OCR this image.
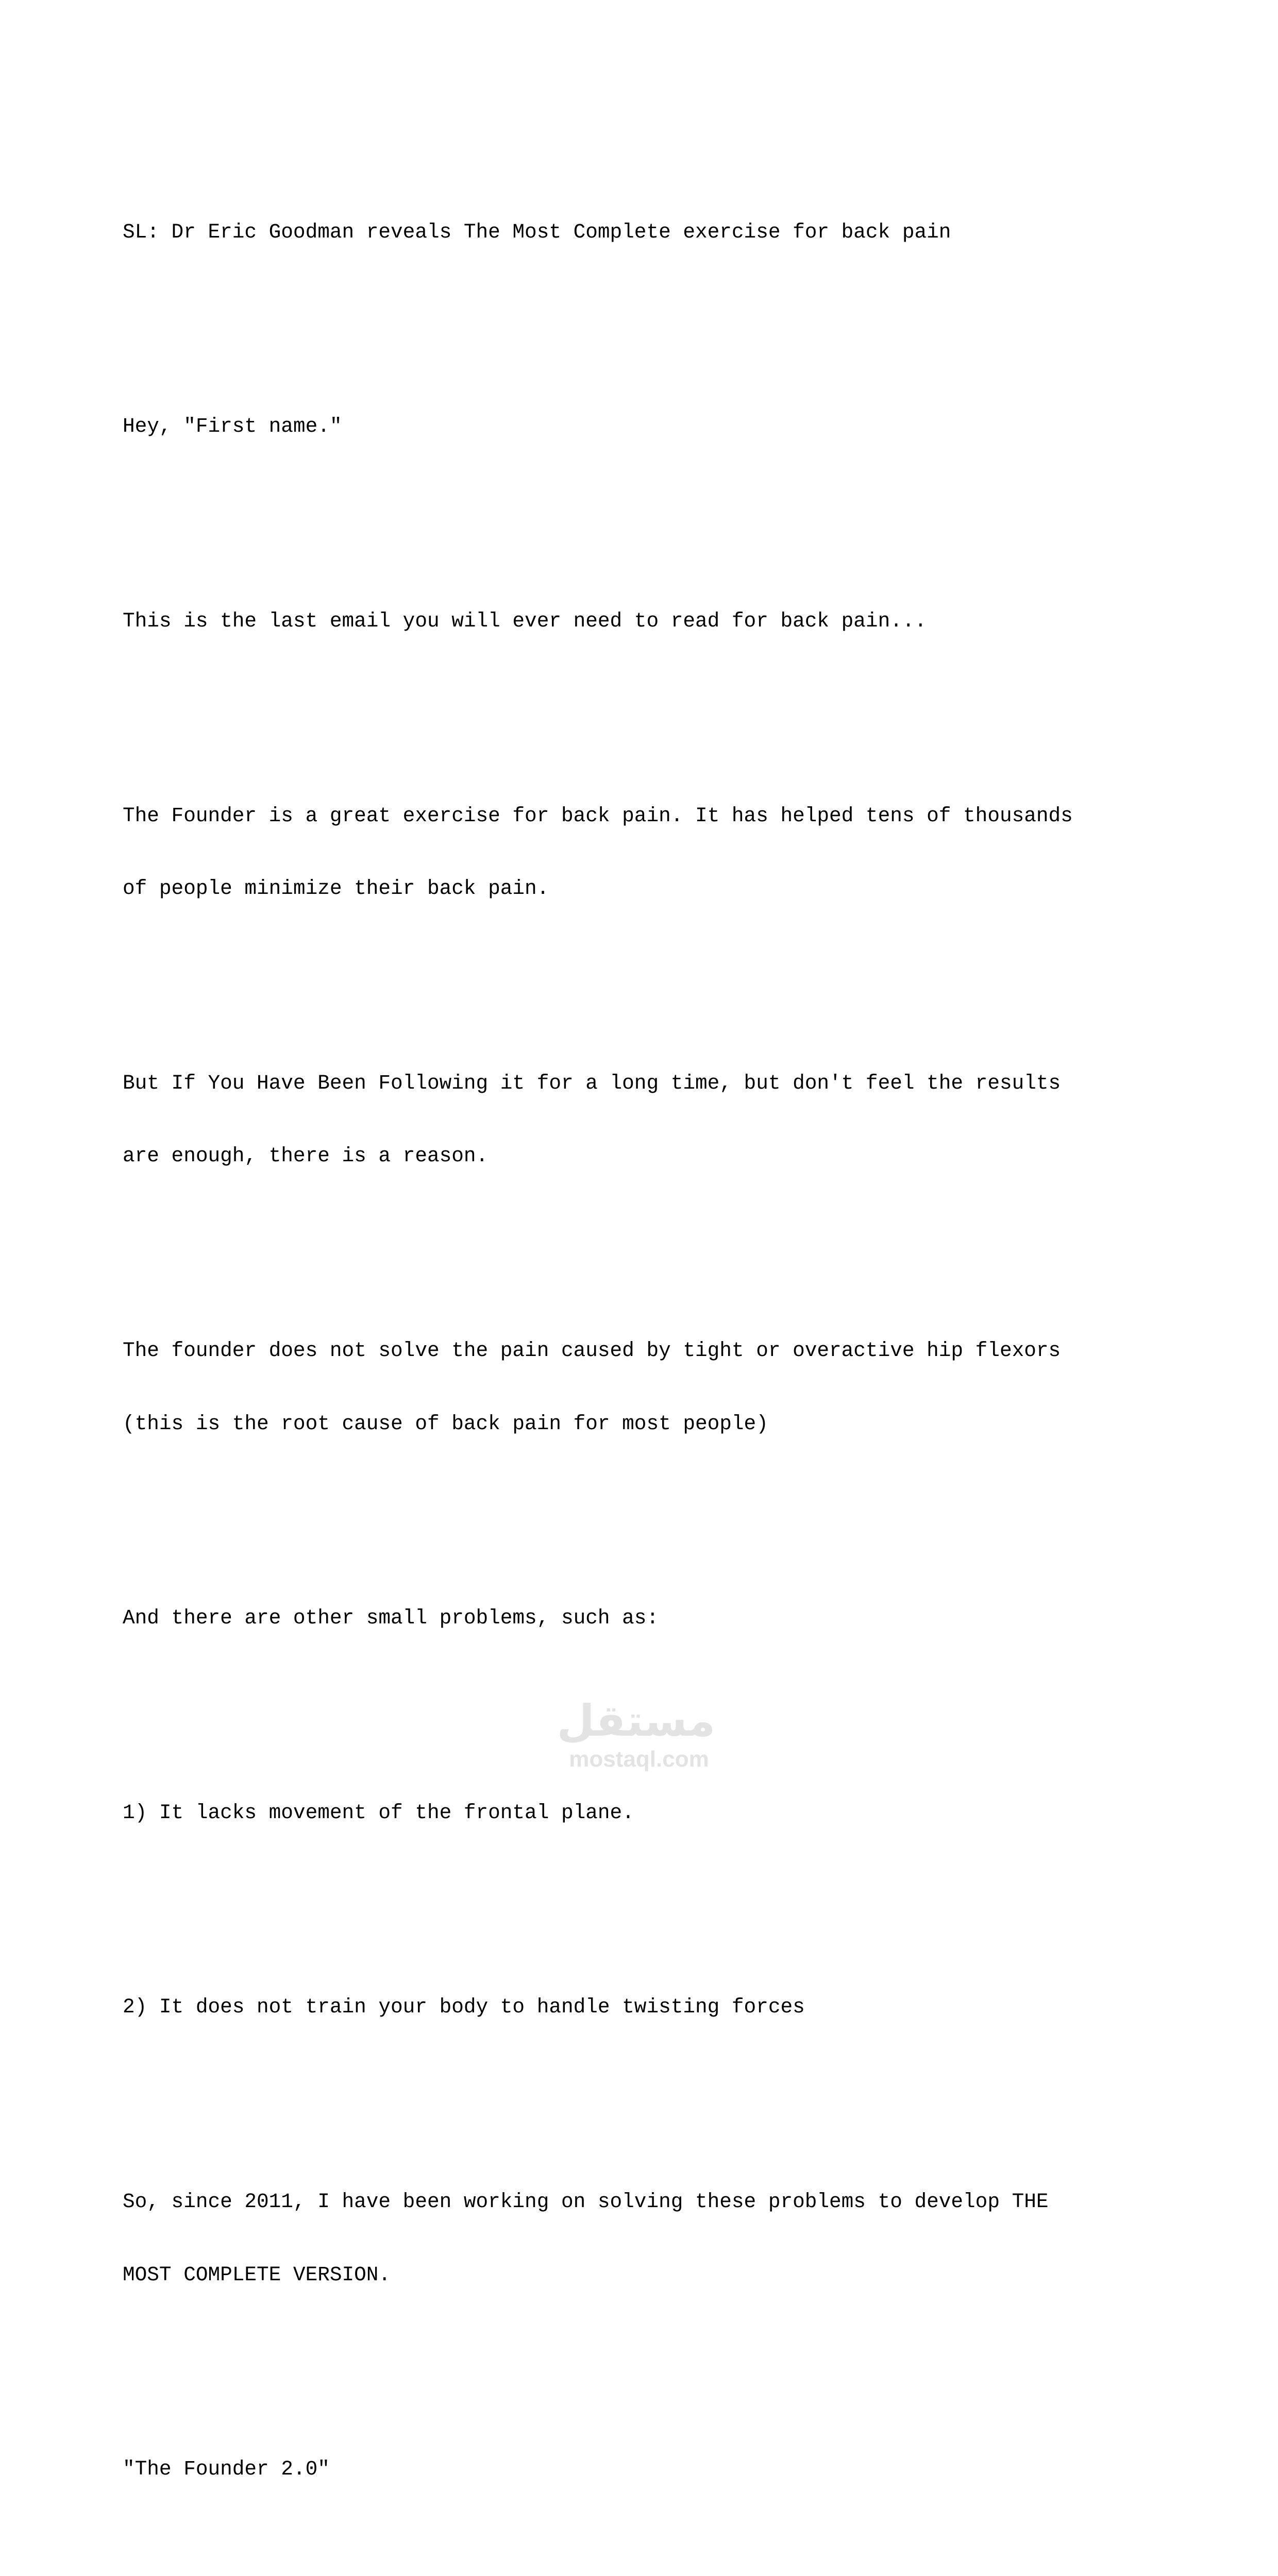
SL: Dr Eric Goodman reveals The Most Complete exercise for back pain

Hey, "First name."

This is the last email you will ever need to read for back pain...

The Founder is a great exercise for back pain. It has helped tens of thousands

of people minimize their back pain.

But If You Have Been Following it for a long time, but don't feel the results

are enough, there is a reason.

The founder does not solve the pain caused by tight or overactive hip flexors

(this is the root cause of back pain for most people)

And there are other small problems, such as:

1) It lacks movement of the frontal plane.

2) It does not train your body to handle twisting forces

So, since 2011, I have been working on solving these problems to develop THE

MOST COMPLETE VERSION.

"The Founder 2.0"

مستقل
mostaql.com
